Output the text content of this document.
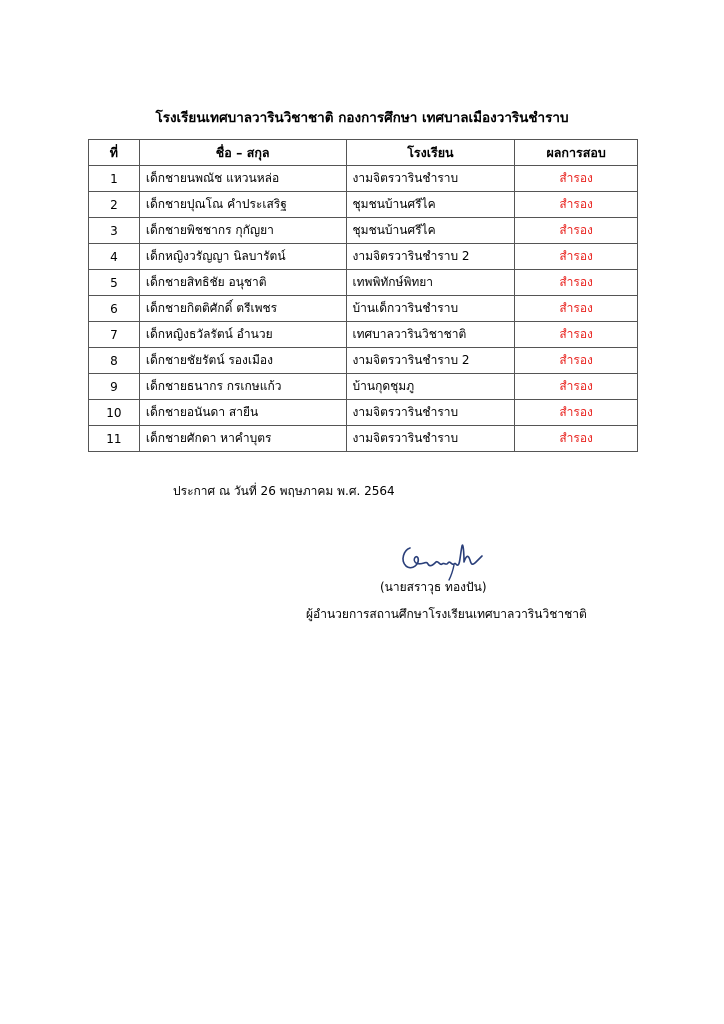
โรงเรียนเทศบาลวารินวิชาชาติ กองการศึกษา เทศบาลเมืองวารินชำราบ
ที่	ชื่อ – สกุล	โรงเรียน	ผลการสอบ
1	เด็กชายนพณัช แหวนหล่อ	งามจิตรวารินชำราบ	สำรอง
2	เด็กชายปุณโณ คำประเสริฐ	ชุมชนบ้านศรีไค	สำรอง
3	เด็กชายพิชชากร กุกัญยา	ชุมชนบ้านศรีไค	สำรอง
4	เด็กหญิงวรัญญา นิลบารัตน์	งามจิตรวารินชำราบ 2	สำรอง
5	เด็กชายสิทธิชัย อนุชาติ	เทพพิทักษ์พิทยา	สำรอง
6	เด็กชายกิตติศักดิ์ ตรีเพชร	บ้านเด็กวารินชำราบ	สำรอง
7	เด็กหญิงธวัลรัตน์ อำนวย	เทศบาลวารินวิชาชาติ	สำรอง
8	เด็กชายชัยรัตน์ รองเมือง	งามจิตรวารินชำราบ 2	สำรอง
9	เด็กชายธนากร กรเกษแก้ว	บ้านกุดชุมภู	สำรอง
10	เด็กชายอนันดา สายืน	งามจิตรวารินชำราบ	สำรอง
11	เด็กชายศักดา หาคำบุตร	งามจิตรวารินชำราบ	สำรอง
ประกาศ ณ วันที่ 26 พฤษภาคม พ.ศ. 2564
(นายสราวุธ ทองปัน)
ผู้อำนวยการสถานศึกษาโรงเรียนเทศบาลวารินวิชาชาติ
